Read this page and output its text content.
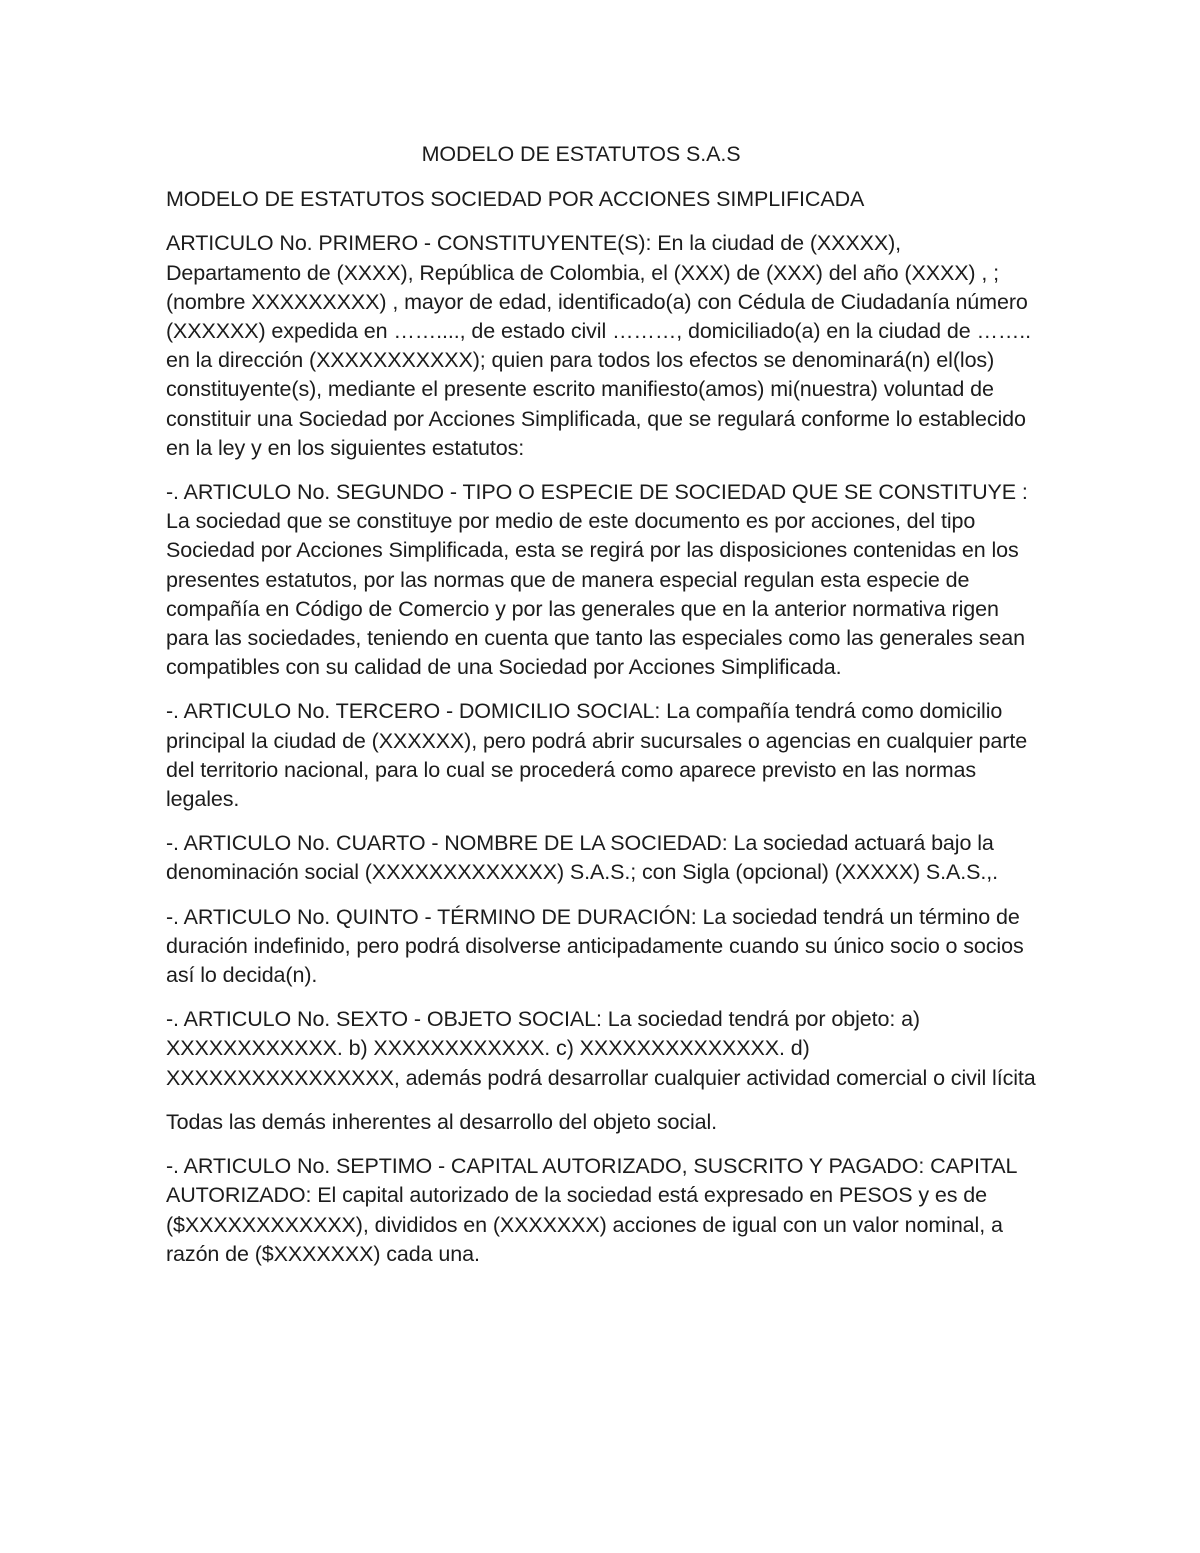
MODELO DE ESTATUTOS S.A.S

MODELO DE ESTATUTOS SOCIEDAD POR ACCIONES SIMPLIFICADA

ARTICULO No. PRIMERO - CONSTITUYENTE(S): En la ciudad de (XXXXX), Departamento de (XXXX), República de Colombia, el (XXX) de (XXX) del año (XXXX) , ;(nombre XXXXXXXXX) , mayor de edad, identificado(a) con Cédula de Ciudadanía número (XXXXXX) expedida en ……...., de estado civil ………, domiciliado(a) en la ciudad de …….. en la dirección (XXXXXXXXXXX); quien para todos los efectos se denominará(n) el(los) constituyente(s), mediante el presente escrito manifiesto(amos) mi(nuestra) voluntad de constituir una Sociedad por Acciones Simplificada, que se regulará conforme lo establecido en la ley y en los siguientes estatutos:

-. ARTICULO No. SEGUNDO - TIPO O ESPECIE DE SOCIEDAD QUE SE CONSTITUYE : La sociedad que se constituye por medio de este documento es por acciones, del tipo Sociedad por Acciones Simplificada, esta se regirá por las disposiciones contenidas en los presentes estatutos, por las normas que de manera especial regulan esta especie de compañía en Código de Comercio y por las generales que en la anterior normativa rigen para las sociedades, teniendo en cuenta que tanto las especiales como las generales sean compatibles con su calidad de una Sociedad por Acciones Simplificada.

-. ARTICULO No. TERCERO - DOMICILIO SOCIAL: La compañía tendrá como domicilio principal la ciudad de (XXXXXX), pero podrá abrir sucursales o agencias en cualquier parte del territorio nacional, para lo cual se procederá como aparece previsto en las normas legales.

-. ARTICULO No. CUARTO - NOMBRE DE LA SOCIEDAD: La sociedad actuará bajo la denominación social (XXXXXXXXXXXXX) S.A.S.; con Sigla (opcional) (XXXXX) S.A.S.,.

-. ARTICULO No. QUINTO - TÉRMINO DE DURACIÓN: La sociedad tendrá un término de duración indefinido, pero podrá disolverse anticipadamente cuando su único socio o socios así lo decida(n).

-. ARTICULO No. SEXTO - OBJETO SOCIAL: La sociedad tendrá por objeto: a) XXXXXXXXXXXX. b) XXXXXXXXXXXX. c) XXXXXXXXXXXXXX. d) XXXXXXXXXXXXXXXX, además podrá desarrollar cualquier actividad comercial o civil lícita

Todas las demás inherentes al desarrollo del objeto social.

-. ARTICULO No. SEPTIMO - CAPITAL AUTORIZADO, SUSCRITO Y PAGADO: CAPITAL AUTORIZADO: El capital autorizado de la sociedad está expresado en PESOS y es de ($XXXXXXXXXXXX), divididos en (XXXXXXX) acciones de igual con un valor nominal, a razón de ($XXXXXXX) cada una.
